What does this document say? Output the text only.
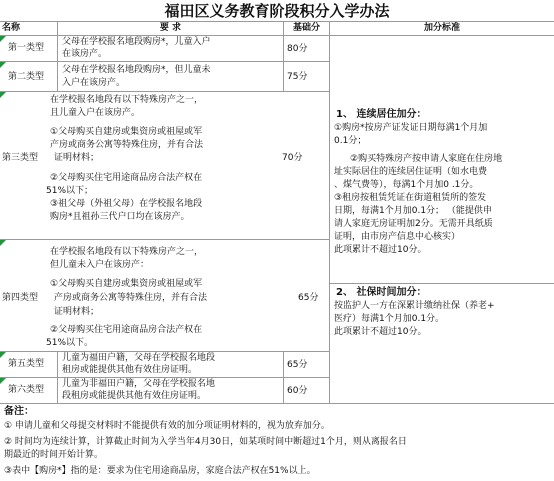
福田区义务教育阶段积分入学办法
名称	要 求	基础分	加分标准
第一类型
父母在学校报名地段购房*，儿童入户
在该房产。	80分
第二类型
父母在学校报名地段购房*，但儿童未
入户在该房产。
75分
1、 连续居住加分：
①购房*按房产证发证日期每满1个月加
0.1分；
②购买特殊房产按申请人家庭在住房地
址实际居住的连续居住证明（如水电费
、煤气费等），每满1个月加0 .1分。
③租房按租赁凭证在街道租赁所的签发
日期，每满1个月加0.1分； （能提供申
请人家庭无房证明加2分。无需开具纸质
证明，由市房产信息中心核实）
此项累计不超过10分。
在学校报名地段有以下特殊房产之一，
且儿童入户在该房产。
①父母购买自建房或集资房或祖屋或军
产房或商务公寓等特殊住房，并有合法
第三类型 证明材料；	70分
②父母购买住宅用途商品房合法产权在
51%以下；
③祖父母（外祖父母）在学校报名地段
购房*且祖孙三代户口均在该房产。
在学校报名地段有以下特殊房产之一，
但儿童未入户在该房产：
①父母购买自建房或集资房或祖屋或军
第四类型 产房或商务公寓等特殊住房，并有合法	65分
证明材料；
②父母购买住宅用途商品房合法产权在
51%以下。
2、 社保时间加分：
按监护人一方在深累计缴纳社保（养老+
医疗）每满1个月加0.1分。
此项累计不超过10分。
第五类型
儿童为福田户籍，父母在学校报名地段
租房或能提供其他有效住房证明。	65分
第六类型
儿童为非福田户籍，父母在学校报名地
段租房或能提供其他有效住房证明。	60分
备注：
① 申请儿童和父母提交材料时不能提供有效的加分项证明材料的，视为放弃加分。
② 时间均为连续计算，计算截止时间为入学当年4月30日，如某项时间中断超过1个月，则从离报名日
期最近的时间开始计算。
③表中【购房*】指的是：要求为住宅用途商品房，家庭合法产权在51%以上。
